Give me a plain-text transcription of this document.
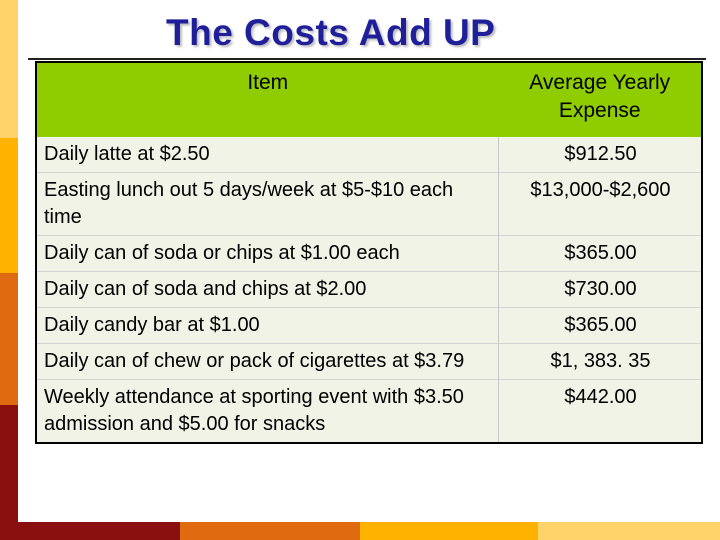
The Costs Add UP
Item	Average Yearly Expense
Daily latte at $2.50	$912.50
Easting lunch out 5 days/week at $5-$10 each time	$13,000-$2,600
Daily can of soda or chips at $1.00 each	$365.00
Daily can of soda and chips at $2.00	$730.00
Daily candy bar at $1.00	$365.00
Daily can of chew or pack of cigarettes at $3.79	$1, 383. 35
Weekly attendance at sporting event with $3.50 admission and $5.00 for snacks	$442.00
